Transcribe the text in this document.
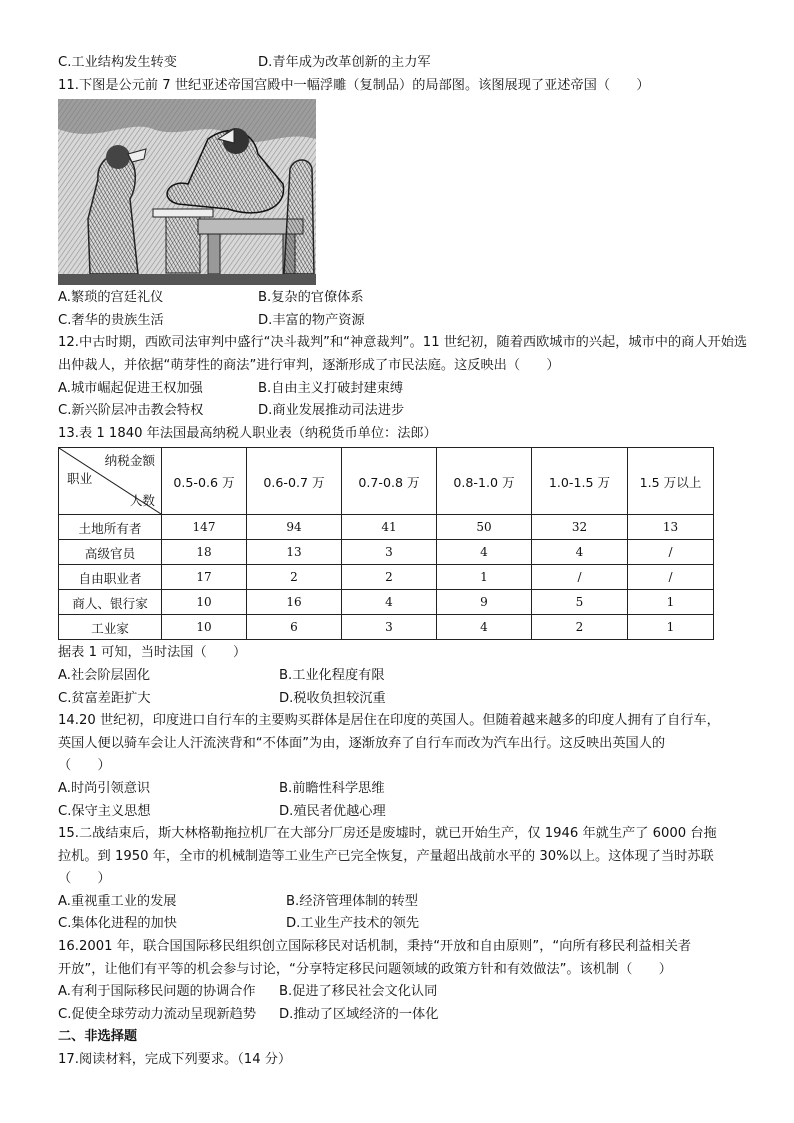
C.工业结构发生转变	D.青年成为改革创新的主力军
11.下图是公元前 7 世纪亚述帝国宫殿中一幅浮雕（复制品）的局部图。该图展现了亚述帝国（　　）
A.繁琐的宫廷礼仪	B.复杂的官僚体系
C.奢华的贵族生活	D.丰富的物产资源
12.中古时期，西欧司法审判中盛行“决斗裁判”和“神意裁判”。11 世纪初，随着西欧城市的兴起，城市中的商人开始选出仲裁人，并依据“萌芽性的商法”进行审判，逐渐形成了市民法庭。这反映出（　　）
A.城市崛起促进王权加强	B.自由主义打破封建束缚
C.新兴阶层冲击教会特权	D.商业发展推动司法进步
13.表 1 1840 年法国最高纳税人职业表（纳税货币单位：法郎）
纳税金额
职业
人数	0.5-0.6 万	0.6-0.7 万	0.7-0.8 万	0.8-1.0 万	1.0-1.5 万	1.5 万以上
土地所有者	147	94	41	50	32	13
高级官员	18	13	3	4	4	/
自由职业者	17	2	2	1	/	/
商人、银行家	10	16	4	9	5	1
工业家	10	6	3	4	2	1
据表 1 可知，当时法国（　　）
A.社会阶层固化	B.工业化程度有限
C.贫富差距扩大	D.税收负担较沉重
14.20 世纪初，印度进口自行车的主要购买群体是居住在印度的英国人。但随着越来越多的印度人拥有了自行车，
英国人便以骑车会让人汗流浃背和“不体面”为由，逐渐放弃了自行车而改为汽车出行。这反映出英国人的
（　　）
A.时尚引领意识	B.前瞻性科学思维
C.保守主义思想	D.殖民者优越心理
15.二战结束后，斯大林格勒拖拉机厂在大部分厂房还是废墟时，就已开始生产，仅 1946 年就生产了 6000 台拖
拉机。到 1950 年，全市的机械制造等工业生产已完全恢复，产量超出战前水平的 30%以上。这体现了当时苏联
（　　）
A.重视重工业的发展	B.经济管理体制的转型
C.集体化进程的加快	D.工业生产技术的领先
16.2001 年，联合国国际移民组织创立国际移民对话机制，秉持“开放和自由原则”，“向所有移民利益相关者
开放”，让他们有平等的机会参与讨论，“分享特定移民问题领域的政策方针和有效做法”。该机制（　　）
A.有利于国际移民问题的协调合作	B.促进了移民社会文化认同
C.促使全球劳动力流动呈现新趋势	D.推动了区域经济的一体化
二、非选择题
17.阅读材料，完成下列要求。（14 分）
